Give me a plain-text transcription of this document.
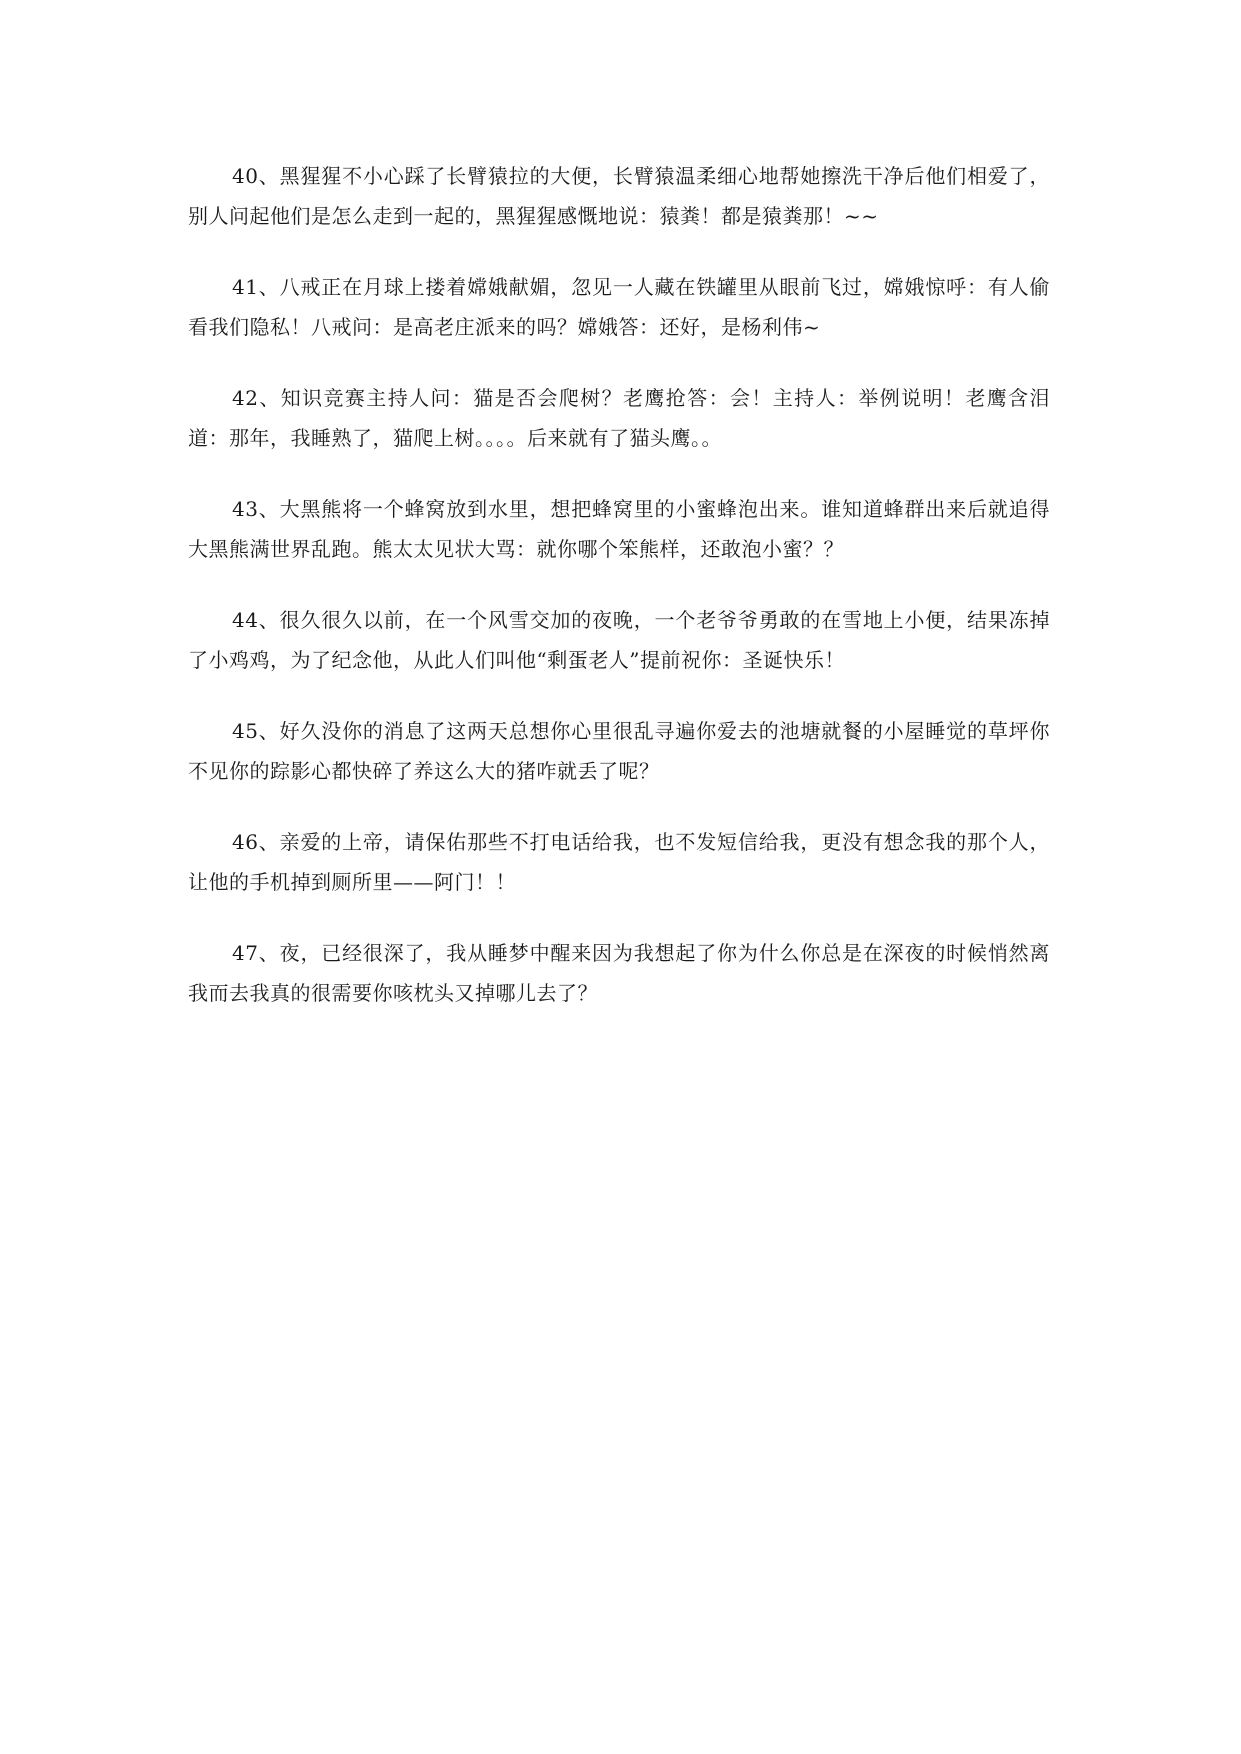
40、黑猩猩不小心踩了长臂猿拉的大便，长臂猿温柔细心地帮她擦洗干净后他们相爱了，别人问起他们是怎么走到一起的，黑猩猩感慨地说：猿粪！都是猿粪那！~~

41、八戒正在月球上搂着嫦娥献媚，忽见一人藏在铁罐里从眼前飞过，嫦娥惊呼：有人偷看我们隐私！八戒问：是高老庄派来的吗？嫦娥答：还好，是杨利伟~

42、知识竞赛主持人问：猫是否会爬树？老鹰抢答：会！主持人：举例说明！老鹰含泪道：那年，我睡熟了，猫爬上树。。。。后来就有了猫头鹰。。

43、大黑熊将一个蜂窝放到水里，想把蜂窝里的小蜜蜂泡出来。谁知道蜂群出来后就追得大黑熊满世界乱跑。熊太太见状大骂：就你哪个笨熊样，还敢泡小蜜？？

44、很久很久以前，在一个风雪交加的夜晚，一个老爷爷勇敢的在雪地上小便，结果冻掉了小鸡鸡，为了纪念他，从此人们叫他“剩蛋老人”提前祝你：圣诞快乐！

45、好久没你的消息了这两天总想你心里很乱寻遍你爱去的池塘就餐的小屋睡觉的草坪你不见你的踪影心都快碎了养这么大的猪咋就丢了呢？

46、亲爱的上帝，请保佑那些不打电话给我，也不发短信给我，更没有想念我的那个人，让他的手机掉到厕所里——阿门！！

47、夜，已经很深了，我从睡梦中醒来因为我想起了你为什么你总是在深夜的时候悄然离我而去我真的很需要你咳枕头又掉哪儿去了？
